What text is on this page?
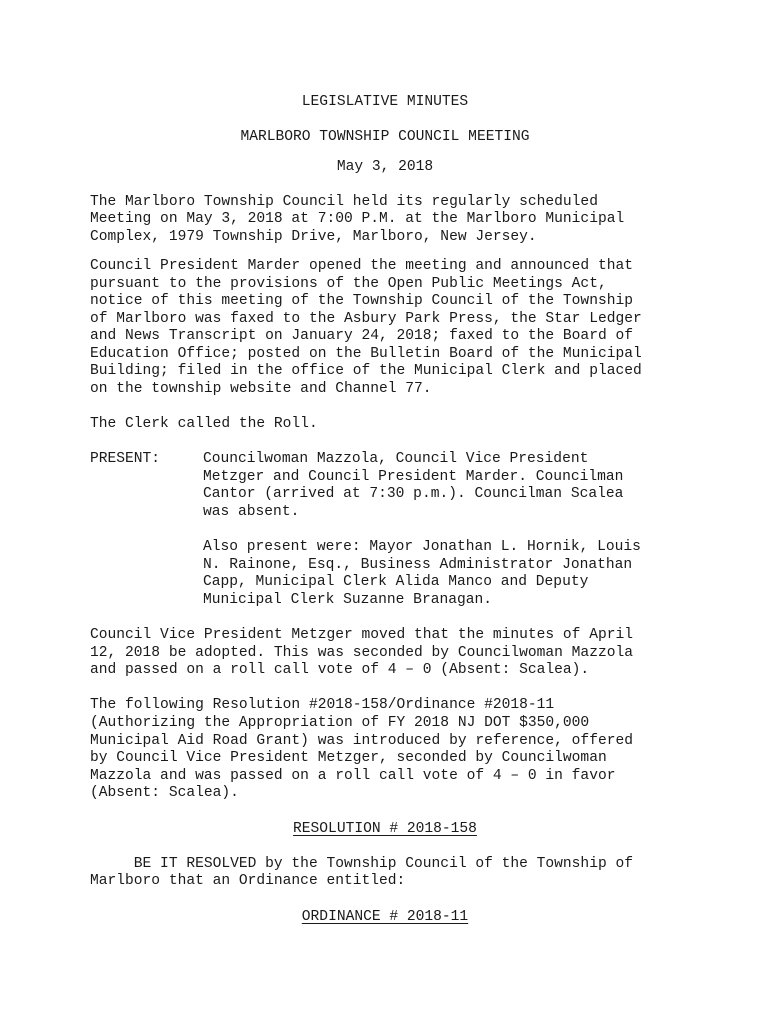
LEGISLATIVE MINUTES
MARLBORO TOWNSHIP COUNCIL MEETING
May 3, 2018
The Marlboro Township Council held its regularly scheduled
Meeting on May 3, 2018 at 7:00 P.M. at the Marlboro Municipal
Complex, 1979 Township Drive, Marlboro, New Jersey.
Council President Marder opened the meeting and announced that
pursuant to the provisions of the Open Public Meetings Act,
notice of this meeting of the Township Council of the Township
of Marlboro was faxed to the Asbury Park Press, the Star Ledger
and News Transcript on January 24, 2018; faxed to the Board of
Education Office; posted on the Bulletin Board of the Municipal
Building; filed in the office of the Municipal Clerk and placed
on the township website and Channel 77.
The Clerk called the Roll.
PRESENT:	Councilwoman Mazzola, Council Vice President
Metzger and Council President Marder. Councilman
Cantor (arrived at 7:30 p.m.). Councilman Scalea
was absent.
Also present were: Mayor Jonathan L. Hornik, Louis
N. Rainone, Esq., Business Administrator Jonathan
Capp, Municipal Clerk Alida Manco and Deputy
Municipal Clerk Suzanne Branagan.
Council Vice President Metzger moved that the minutes of April
12, 2018 be adopted. This was seconded by Councilwoman Mazzola
and passed on a roll call vote of 4 – 0 (Absent: Scalea).
The following Resolution #2018-158/Ordinance #2018-11
(Authorizing the Appropriation of FY 2018 NJ DOT $350,000
Municipal Aid Road Grant) was introduced by reference, offered
by Council Vice President Metzger, seconded by Councilwoman
Mazzola and was passed on a roll call vote of 4 – 0 in favor
(Absent: Scalea).
RESOLUTION # 2018-158
BE IT RESOLVED by the Township Council of the Township of
Marlboro that an Ordinance entitled:
ORDINANCE # 2018-11
